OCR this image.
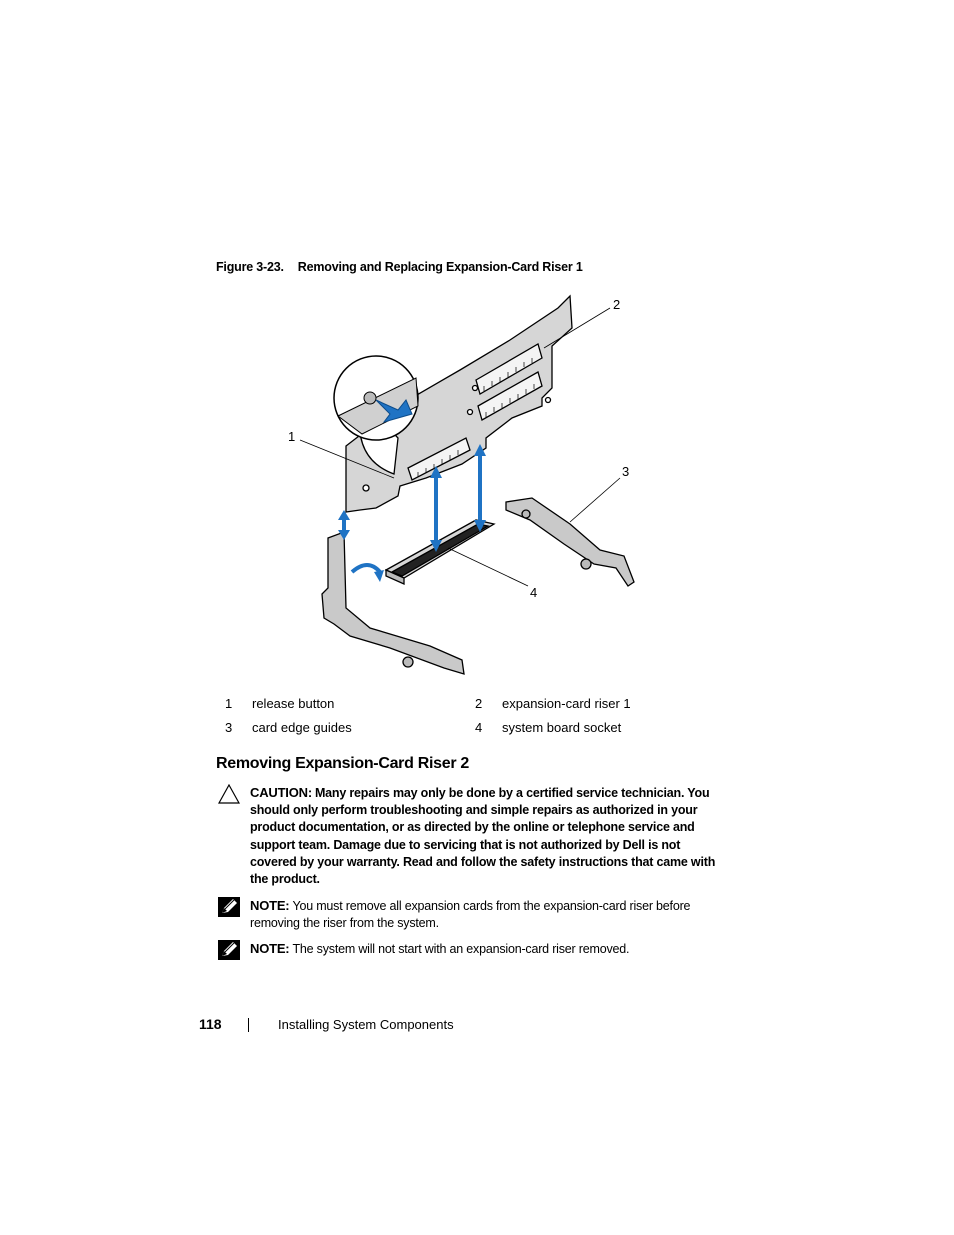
Figure 3-23. Removing and Replacing Expansion-Card Riser 1
1
2
3
4
1 release button	2 expansion-card riser 1
3 card edge guides	4 system board socket
Removing Expansion-Card Riser 2
CAUTION: Many repairs may only be done by a certified service technician. You should only perform troubleshooting and simple repairs as authorized in your product documentation, or as directed by the online or telephone service and support team. Damage due to servicing that is not authorized by Dell is not covered by your warranty. Read and follow the safety instructions that came with the product.
NOTE: You must remove all expansion cards from the expansion-card riser before removing the riser from the system.
NOTE: The system will not start with an expansion-card riser removed.
118	Installing System Components
